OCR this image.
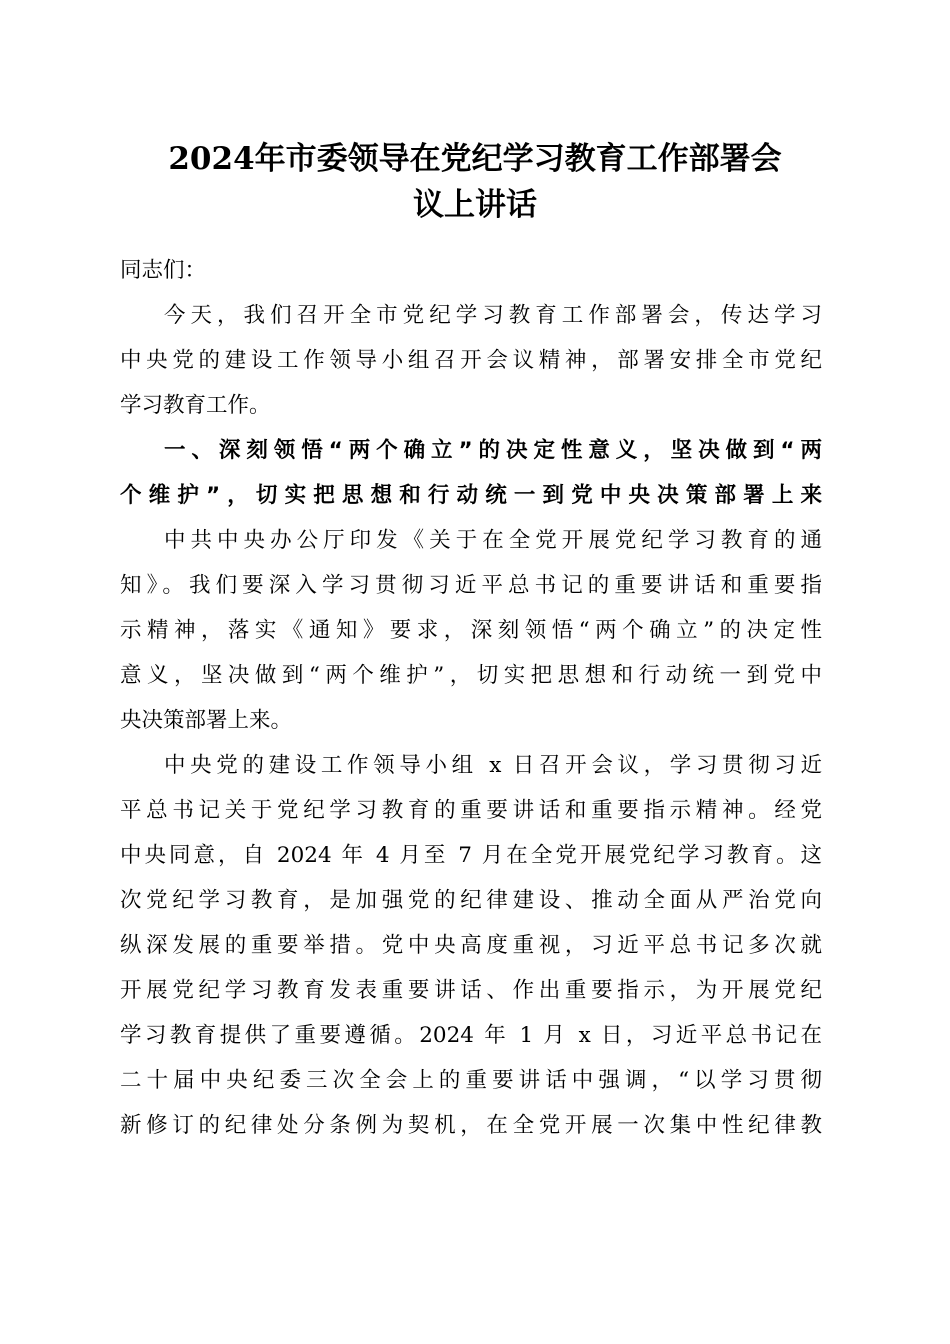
2024年市委领导在党纪学习教育工作部署会
议上讲话
同志们：
今天，我们召开全市党纪学习教育工作部署会，传达学习
中央党的建设工作领导小组召开会议精神，部署安排全市党纪
学习教育工作。
一、深刻领悟“两个确立”的决定性意义，坚决做到“两
个维护”，切实把思想和行动统一到党中央决策部署上来
中共中央办公厅印发《关于在全党开展党纪学习教育的通
知》。我们要深入学习贯彻习近平总书记的重要讲话和重要指
示精神，落实《通知》要求，深刻领悟“两个确立”的决定性
意义，坚决做到“两个维护”，切实把思想和行动统一到党中
央决策部署上来。
中央党的建设工作领导小组 x 日召开会议，学习贯彻习近
平总书记关于党纪学习教育的重要讲话和重要指示精神。经党
中央同意，自 2024 年 4 月至 7 月在全党开展党纪学习教育。这
次党纪学习教育，是加强党的纪律建设、推动全面从严治党向
纵深发展的重要举措。党中央高度重视，习近平总书记多次就
开展党纪学习教育发表重要讲话、作出重要指示，为开展党纪
学习教育提供了重要遵循。2024 年 1 月 x 日，习近平总书记在
二十届中央纪委三次全会上的重要讲话中强调，“以学习贯彻
新修订的纪律处分条例为契机，在全党开展一次集中性纪律教
